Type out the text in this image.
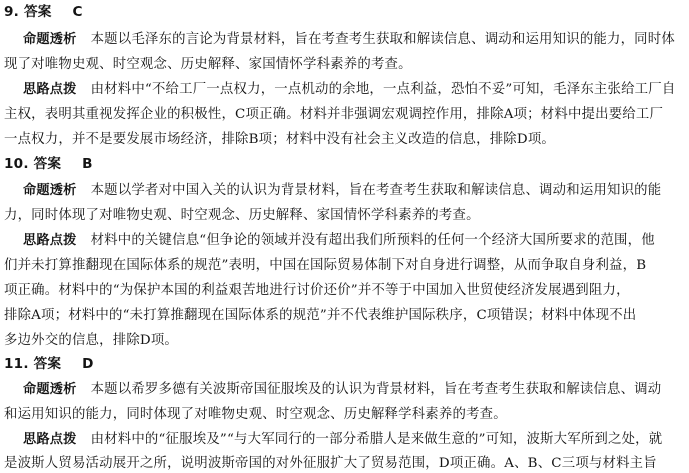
9. 答案 C
命题透析 本题以毛泽东的言论为背景材料，旨在考查考生获取和解读信息、调动和运用知识的能力，同时体
现了对唯物史观、时空观念、历史解释、家国情怀学科素养的考查。
思路点拨 由材料中“不给工厂一点权力，一点机动的余地，一点利益，恐怕不妥”可知，毛泽东主张给工厂自
主权，表明其重视发挥企业的积极性，C项正确。材料并非强调宏观调控作用，排除A项；材料中提出要给工厂
一点权力，并不是要发展市场经济，排除B项；材料中没有社会主义改造的信息，排除D项。
10. 答案 B
命题透析 本题以学者对中国入关的认识为背景材料，旨在考查考生获取和解读信息、调动和运用知识的能
力，同时体现了对唯物史观、时空观念、历史解释、家国情怀学科素养的考查。
思路点拨 材料中的关键信息“但争论的领域并没有超出我们所预料的任何一个经济大国所要求的范围，他
们并未打算推翻现在国际体系的规范”表明，中国在国际贸易体制下对自身进行调整，从而争取自身利益，B
项正确。材料中的“为保护本国的利益艰苦地进行讨价还价”并不等于中国加入世贸使经济发展遇到阻力，
排除A项；材料中的“未打算推翻现在国际体系的规范”并不代表维护国际秩序，C项错误；材料中体现不出
多边外交的信息，排除D项。
11. 答案 D
命题透析 本题以希罗多德有关波斯帝国征服埃及的认识为背景材料，旨在考查考生获取和解读信息、调动
和运用知识的能力，同时体现了对唯物史观、时空观念、历史解释学科素养的考查。
思路点拨 由材料中的“征服埃及”“与大军同行的一部分希腊人是来做生意的”可知，波斯大军所到之处，就
是波斯人贸易活动展开之所，说明波斯帝国的对外征服扩大了贸易范围，D项正确。A、B、C三项与材料主旨
